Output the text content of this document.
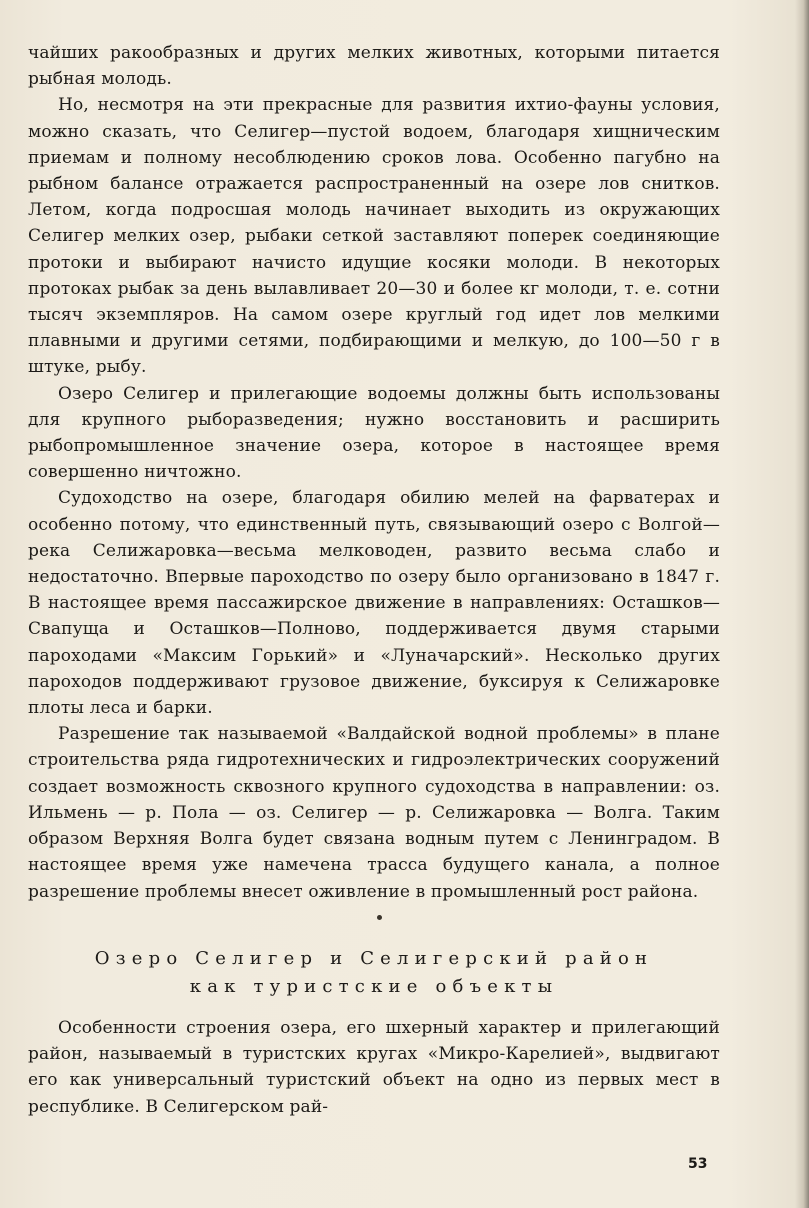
чайших ракообразных и других мелких животных, которыми питается рыбная молодь.

Но, несмотря на эти прекрасные для развития ихтио-фауны условия, можно сказать, что Селигер—пустой водоем, благодаря хищническим приемам и полному несоблюдению сроков лова. Особенно пагубно на рыбном балансе отражается распространенный на озере лов снитков. Летом, когда подросшая молодь начинает выходить из окружающих Селигер мелких озер, рыбаки сеткой заставляют поперек соединяющие протоки и выбирают начисто идущие косяки молоди. В некоторых протоках рыбак за день вылавливает 20—30 и более кг молоди, т. е. сотни тысяч экземпляров. На самом озере круглый год идет лов мелкими плавными и другими сетями, подбирающими и мелкую, до 100—50 г в штуке, рыбу.

Озеро Селигер и прилегающие водоемы должны быть использованы для крупного рыборазведения; нужно восстановить и расширить рыбопромышленное значение озера, которое в настоящее время совершенно ничтожно.

Судоходство на озере, благодаря обилию мелей на фарватерах и особенно потому, что единственный путь, связывающий озеро с Волгой—река Селижаровка—весьма мелководен, развито весьма слабо и недостаточно. Впервые пароходство по озеру было организовано в 1847 г. В настоящее время пассажирское движение в направлениях: Осташков—Свапуща и Осташков—Полново, поддерживается двумя старыми пароходами «Максим Горький» и «Луначарский». Несколько других пароходов поддерживают грузовое движение, буксируя к Селижаровке плоты леса и барки.

Разрешение так называемой «Валдайской водной проблемы» в плане строительства ряда гидротехнических и гидроэлектрических сооружений создает возможность сквозного крупного судоходства в направлении: оз. Ильмень — р. Пола — оз. Селигер — р. Селижаровка — Волга. Таким образом Верхняя Волга будет связана водным путем с Ленинградом. В настоящее время уже намечена трасса будущего канала, а полное разрешение проблемы внесет оживление в промышленный рост района.

Озеро Селигер и Селигерский район
как туристские объекты

Особенности строения озера, его шхерный характер и прилегающий район, называемый в туристских кругах «Микро-Карелией», выдвигают его как универсальный туристский объект на одно из первых мест в республике. В Селигерском рай-

53
